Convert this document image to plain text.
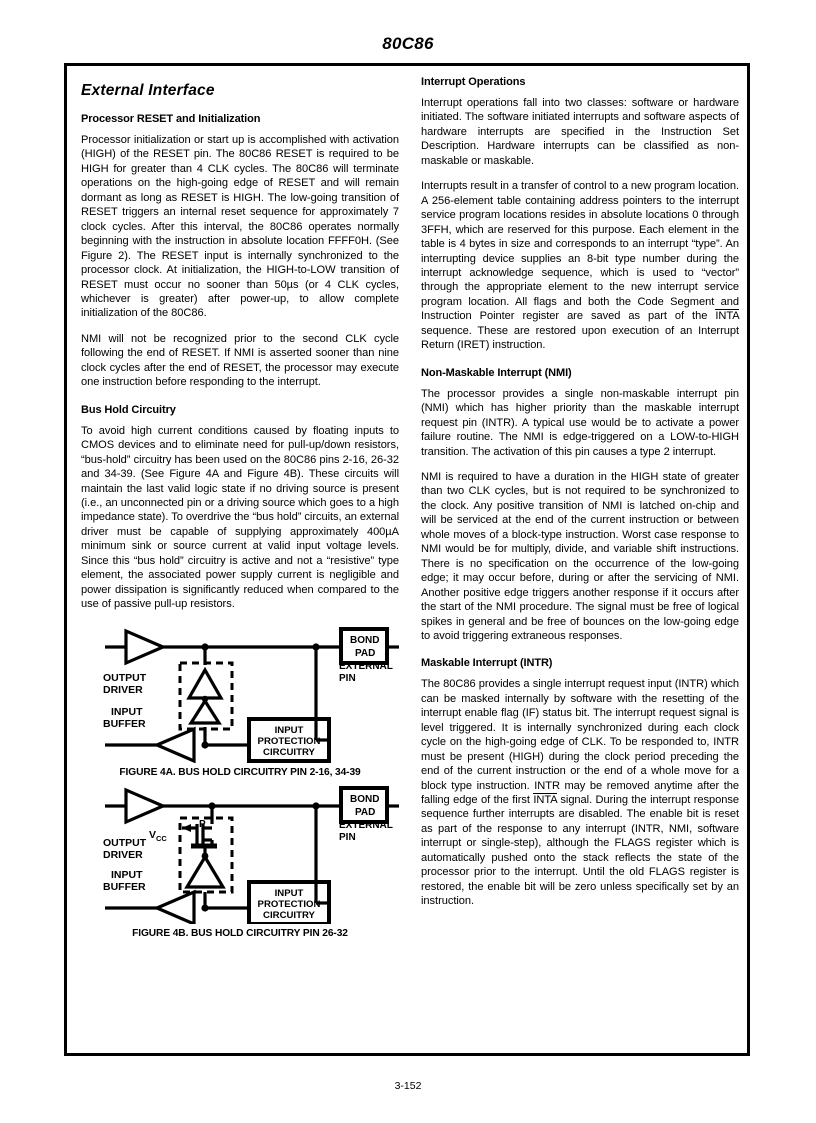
80C86
External Interface
Processor RESET and Initialization

Processor initialization or start up is accomplished with activation (HIGH) of the RESET pin. The 80C86 RESET is required to be HIGH for greater than 4 CLK cycles. The 80C86 will terminate operations on the high-going edge of RESET and will remain dormant as long as RESET is HIGH. The low-going transition of RESET triggers an internal reset sequence for approximately 7 clock cycles. After this interval, the 80C86 operates normally beginning with the instruction in absolute location FFFF0H. (See Figure 2). The RESET input is internally synchronized to the processor clock. At initialization, the HIGH-to-LOW transition of RESET must occur no sooner than 50µs (or 4 CLK cycles, whichever is greater) after power-up, to allow complete initialization of the 80C86.

NMI will not be recognized prior to the second CLK cycle following the end of RESET. If NMI is asserted sooner than nine clock cycles after the end of RESET, the processor may execute one instruction before responding to the interrupt.

Bus Hold Circuitry

To avoid high current conditions caused by floating inputs to CMOS devices and to eliminate need for pull-up/down resistors, “bus-hold” circuitry has been used on the 80C86 pins 2-16, 26-32 and 34-39. (See Figure 4A and Figure 4B). These circuits will maintain the last valid logic state if no driving source is present (i.e., an unconnected pin or a driving source which goes to a high impedance state). To overdrive the “bus hold” circuits, an external driver must be capable of supplying approximately 400µA minimum sink or source current at valid input voltage levels. Since this “bus hold” circuitry is active and not a “resistive” type element, the associated power supply current is negligible and power dissipation is significantly reduced when compared to the use of passive pull-up resistors.

OUTPUT
DRIVER
INPUT
BUFFER
BOND
PAD
EXTERNAL
PIN
INPUT
PROTECTION
CIRCUITRY
FIGURE 4A. BUS HOLD CIRCUITRY PIN 2-16, 34-39
OUTPUT
DRIVER
$V_{CC}$
P
INPUT
BUFFER
BOND
PAD
EXTERNAL
PIN
INPUT
PROTECTION
CIRCUITRY
FIGURE 4B. BUS HOLD CIRCUITRY PIN 26-32
Interrupt Operations

Interrupt operations fall into two classes: software or hardware initiated. The software initiated interrupts and software aspects of hardware interrupts are specified in the Instruction Set Description. Hardware interrupts can be classified as non-maskable or maskable.

Interrupts result in a transfer of control to a new program location. A 256-element table containing address pointers to the interrupt service program locations resides in absolute locations 0 through 3FFH, which are reserved for this purpose. Each element in the table is 4 bytes in size and corresponds to an interrupt “type”. An interrupting device supplies an 8-bit type number during the interrupt acknowledge sequence, which is used to “vector” through the appropriate element to the new interrupt service program location. All flags and both the Code Segment and Instruction Pointer register are saved as part of the INTA sequence. These are restored upon execution of an Interrupt Return (IRET) instruction.

Non-Maskable Interrupt (NMI)

The processor provides a single non-maskable interrupt pin (NMI) which has higher priority than the maskable interrupt request pin (INTR). A typical use would be to activate a power failure routine. The NMI is edge-triggered on a LOW-to-HIGH transition. The activation of this pin causes a type 2 interrupt.

NMI is required to have a duration in the HIGH state of greater than two CLK cycles, but is not required to be synchronized to the clock. Any positive transition of NMI is latched on-chip and will be serviced at the end of the current instruction or between whole moves of a block-type instruction. Worst case response to NMI would be for multiply, divide, and variable shift instructions. There is no specification on the occurrence of the low-going edge; it may occur before, during or after the servicing of NMI. Another positive edge triggers another response if it occurs after the start of the NMI procedure. The signal must be free of logical spikes in general and be free of bounces on the low-going edge to avoid triggering extraneous responses.

Maskable Interrupt (INTR)

The 80C86 provides a single interrupt request input (INTR) which can be masked internally by software with the resetting of the interrupt enable flag (IF) status bit. The interrupt request signal is level triggered. It is internally synchronized during each clock cycle on the high-going edge of CLK. To be responded to, INTR must be present (HIGH) during the clock period preceding the end of the current instruction or the end of a whole move for a block type instruction. INTR may be removed anytime after the falling edge of the first INTA signal. During the interrupt response sequence further interrupts are disabled. The enable bit is reset as part of the response to any interrupt (INTR, NMI, software interrupt or single-step), although the FLAGS register which is automatically pushed onto the stack reflects the state of the processor prior to the interrupt. Until the old FLAGS register is restored, the enable bit will be zero unless specifically set by an instruction.

3-152
